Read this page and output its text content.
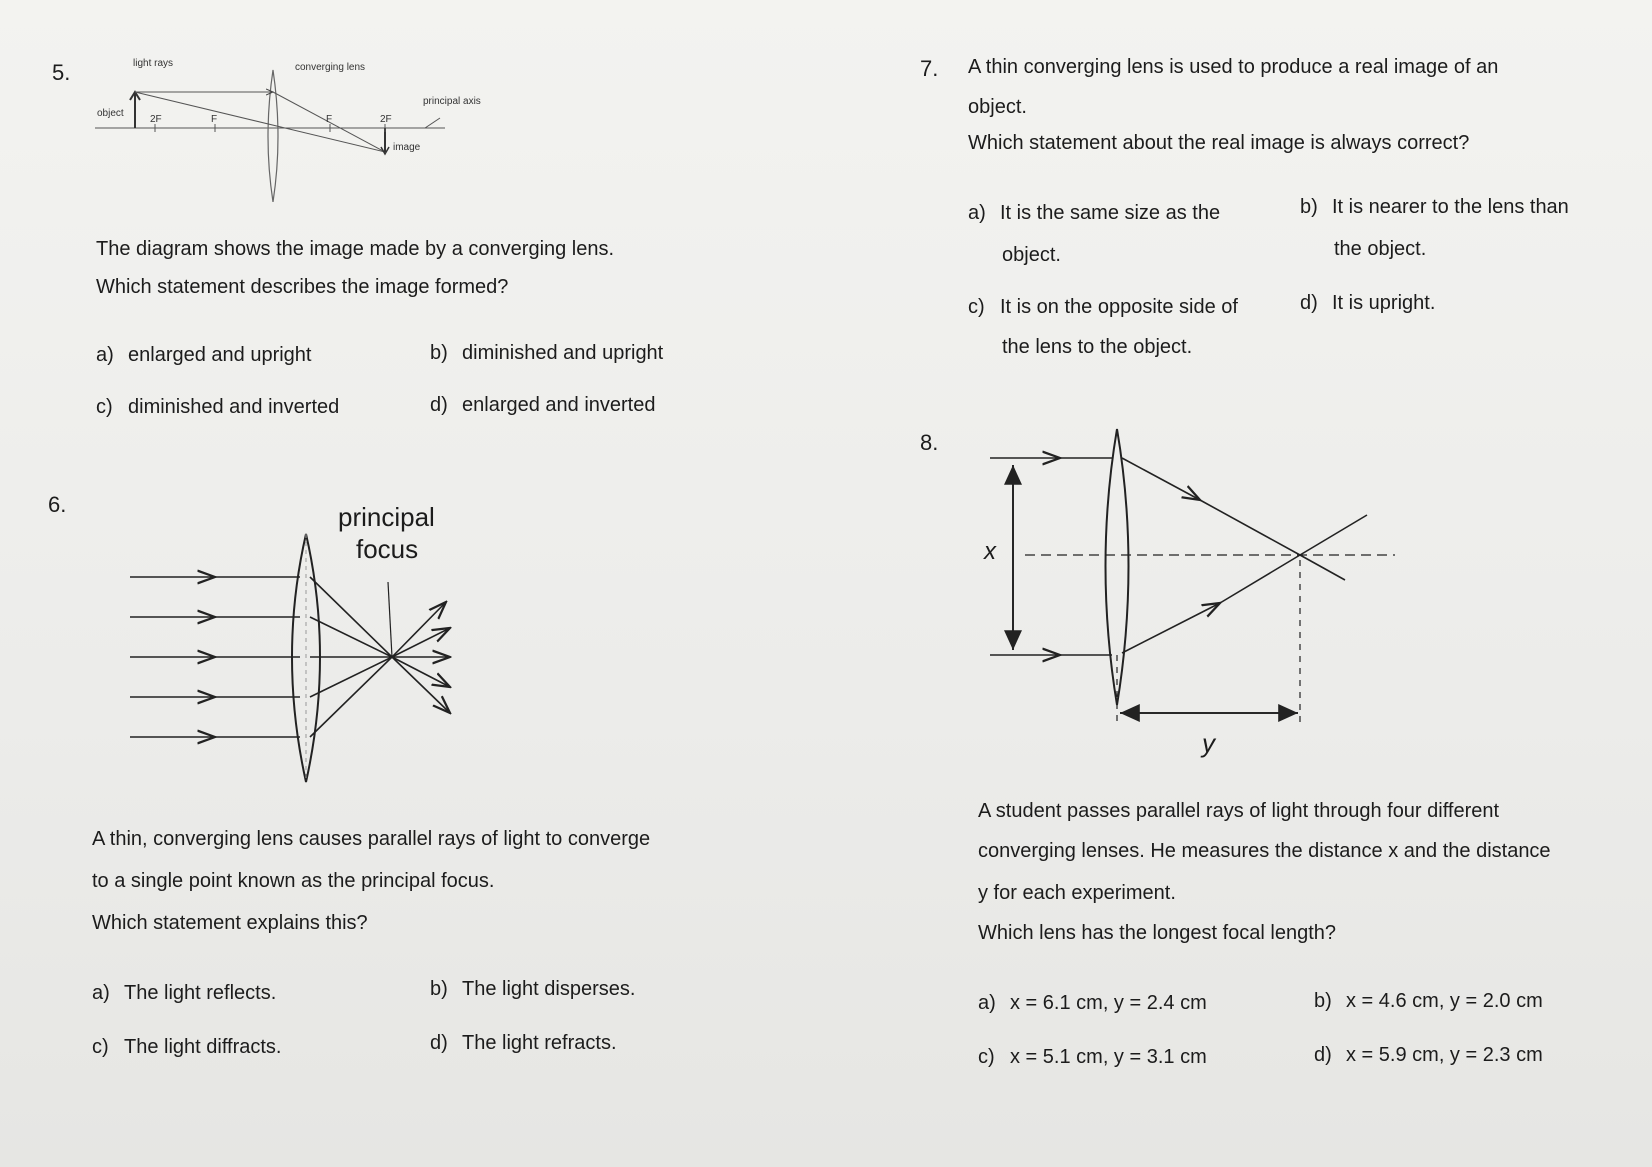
5.	light rays	converging lens
principal axis
object
2F	F	F	2F
image
The diagram shows the image made by a converging lens.
Which statement describes the image formed?
a) enlarged and upright	b) diminished and upright
c) diminished and inverted	d) enlarged and inverted
6.	principal
focus
A thin, converging lens causes parallel rays of light to converge
to a single point known as the principal focus.
Which statement explains this?
a) The light reflects.	b) The light disperses.
c) The light diffracts.	d) The light refracts.
7. A thin converging lens is used to produce a real image of an
object.
Which statement about the real image is always correct?
a) It is the same size as the
object.
b) It is nearer to the lens than
the object.
c) It is on the opposite side of
the lens to the object.
d) It is upright.
8.
x
y
A student passes parallel rays of light through four different
converging lenses. He measures the distance x and the distance
y for each experiment.
Which lens has the longest focal length?
a) x = 6.1 cm, y = 2.4 cm	b) x = 4.6 cm, y = 2.0 cm
c) x = 5.1 cm, y = 3.1 cm	d) x = 5.9 cm, y = 2.3 cm
